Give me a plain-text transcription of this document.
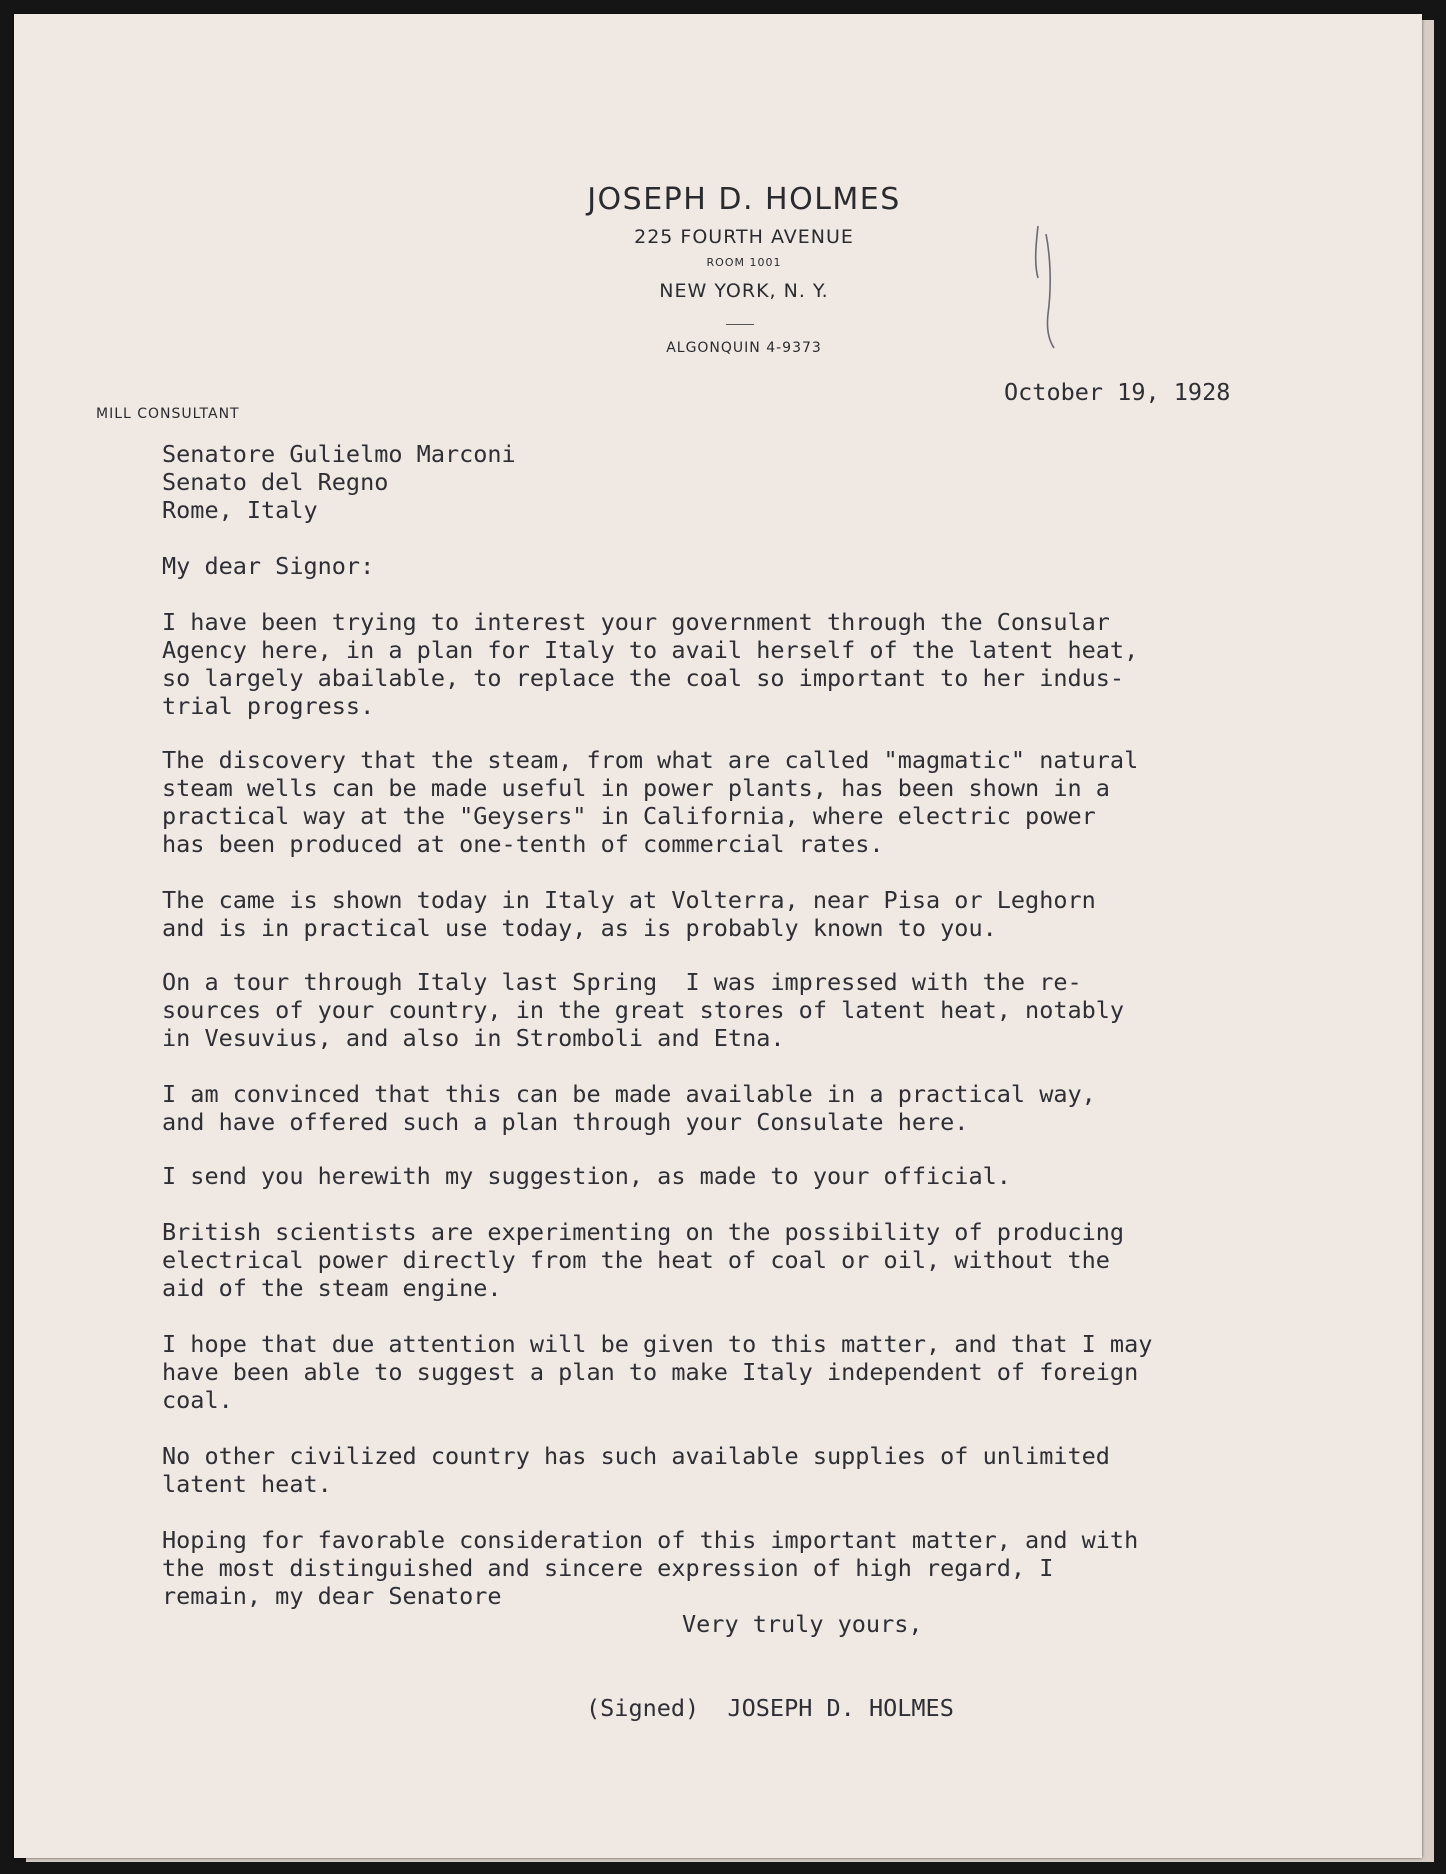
JOSEPH D. HOLMES
225 FOURTH AVENUE
ROOM 1001
NEW YORK, N. Y.
ALGONQUIN 4-9373
MILL CONSULTANT
October 19, 1928
Senatore Gulielmo Marconi
Senato del Regno
Rome, Italy
My dear Signor:
I have been trying to interest your government through the Consular
Agency here, in a plan for Italy to avail herself of the latent heat,
so largely abailable, to replace the coal so important to her indus-
trial progress.
The discovery that the steam, from what are called "magmatic" natural
steam wells can be made useful in power plants, has been shown in a
practical way at the "Geysers" in California, where electric power
has been produced at one-tenth of commercial rates.
The came is shown today in Italy at Volterra, near Pisa or Leghorn
and is in practical use today, as is probably known to you.
On a tour through Italy last Spring  I was impressed with the re-
sources of your country, in the great stores of latent heat, notably
in Vesuvius, and also in Stromboli and Etna.
I am convinced that this can be made available in a practical way,
and have offered such a plan through your Consulate here.
I send you herewith my suggestion, as made to your official.
British scientists are experimenting on the possibility of producing
electrical power directly from the heat of coal or oil, without the
aid of the steam engine.
I hope that due attention will be given to this matter, and that I may
have been able to suggest a plan to make Italy independent of foreign
coal.
No other civilized country has such available supplies of unlimited
latent heat.
Hoping for favorable consideration of this important matter, and with
the most distinguished and sincere expression of high regard, I
remain, my dear Senatore
Very truly yours,
(Signed)  JOSEPH D. HOLMES
